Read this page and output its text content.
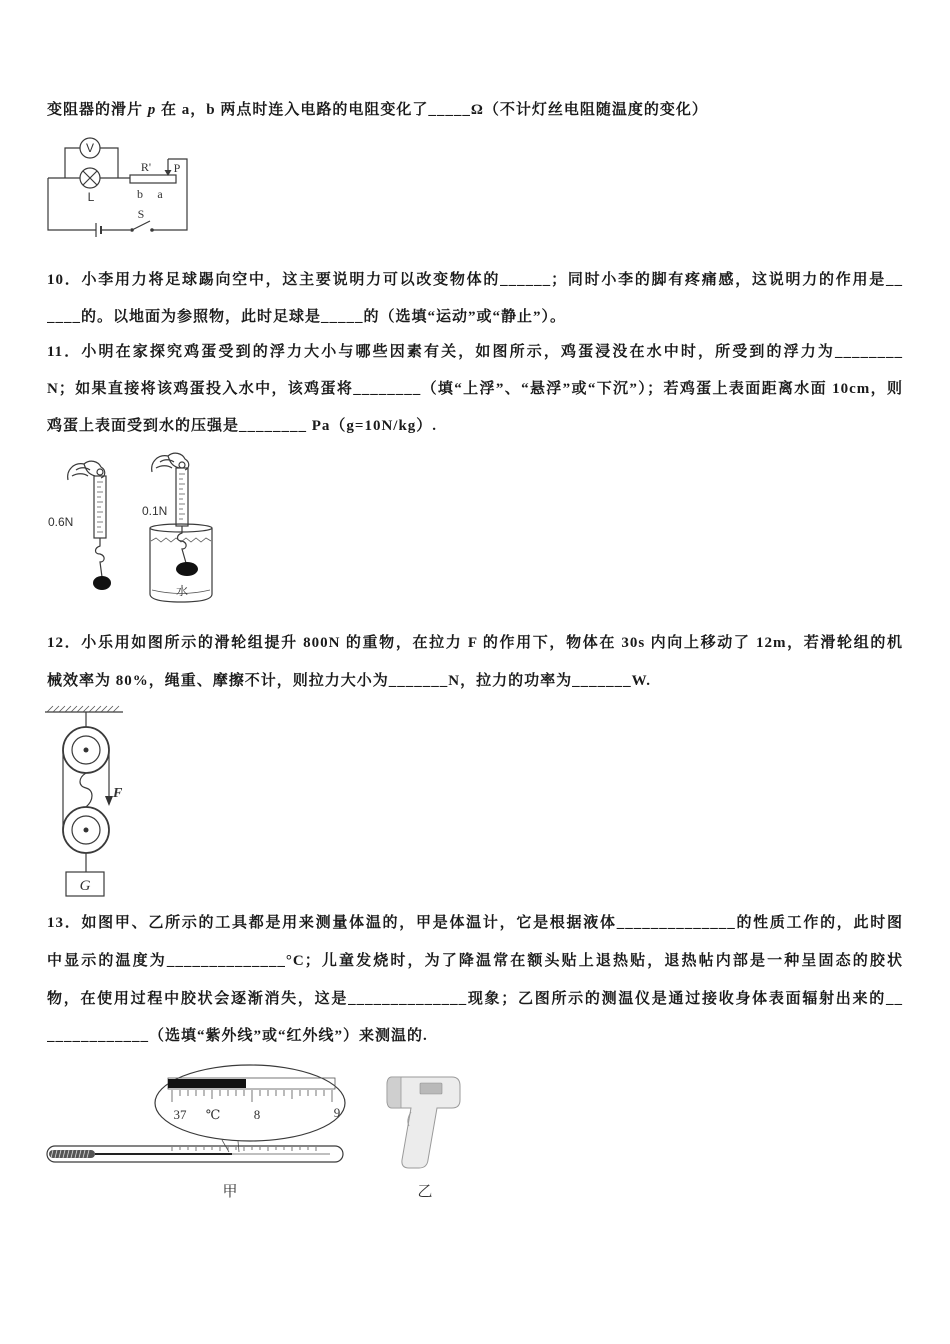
变阻器的滑片 p 在 a，b 两点时连入电路的电阻变化了_____Ω（不计灯丝电阻随温度的变化）
10．小李用力将足球踢向空中，这主要说明力可以改变物体的______；同时小李的脚有疼痛感，这说明力的作用是__
____的。以地面为参照物，此时足球是_____的（选填“运动”或“静止”）。
11．小明在家探究鸡蛋受到的浮力大小与哪些因素有关，如图所示，鸡蛋浸没在水中时，所受到的浮力为________
N；如果直接将该鸡蛋投入水中，该鸡蛋将________（填“上浮”、“悬浮”或“下沉”）；若鸡蛋上表面距离水面 10cm，则
鸡蛋上表面受到水的压强是________ Pa（g=10N/kg）.
12．小乐用如图所示的滑轮组提升 800N 的重物，在拉力 F 的作用下，物体在 30s 内向上移动了 12m，若滑轮组的机
械效率为 80%，绳重、摩擦不计，则拉力大小为_______N，拉力的功率为_______W.
13．如图甲、乙所示的工具都是用来测量体温的，甲是体温计，它是根据液体______________的性质工作的，此时图
中显示的温度为______________°C；儿童发烧时，为了降温常在额头贴上退热贴，退热帖内部是一种呈固态的胶状
物，在使用过程中胶状会逐渐消失，这是______________现象；乙图所示的测温仪是通过接收身体表面辐射出来的__
____________（选填“紫外线”或“红外线”）来测温的.
V
L
R' P
b a
S
0.6N
0.1N
水
F
G
37 ℃	8	9
甲	乙
